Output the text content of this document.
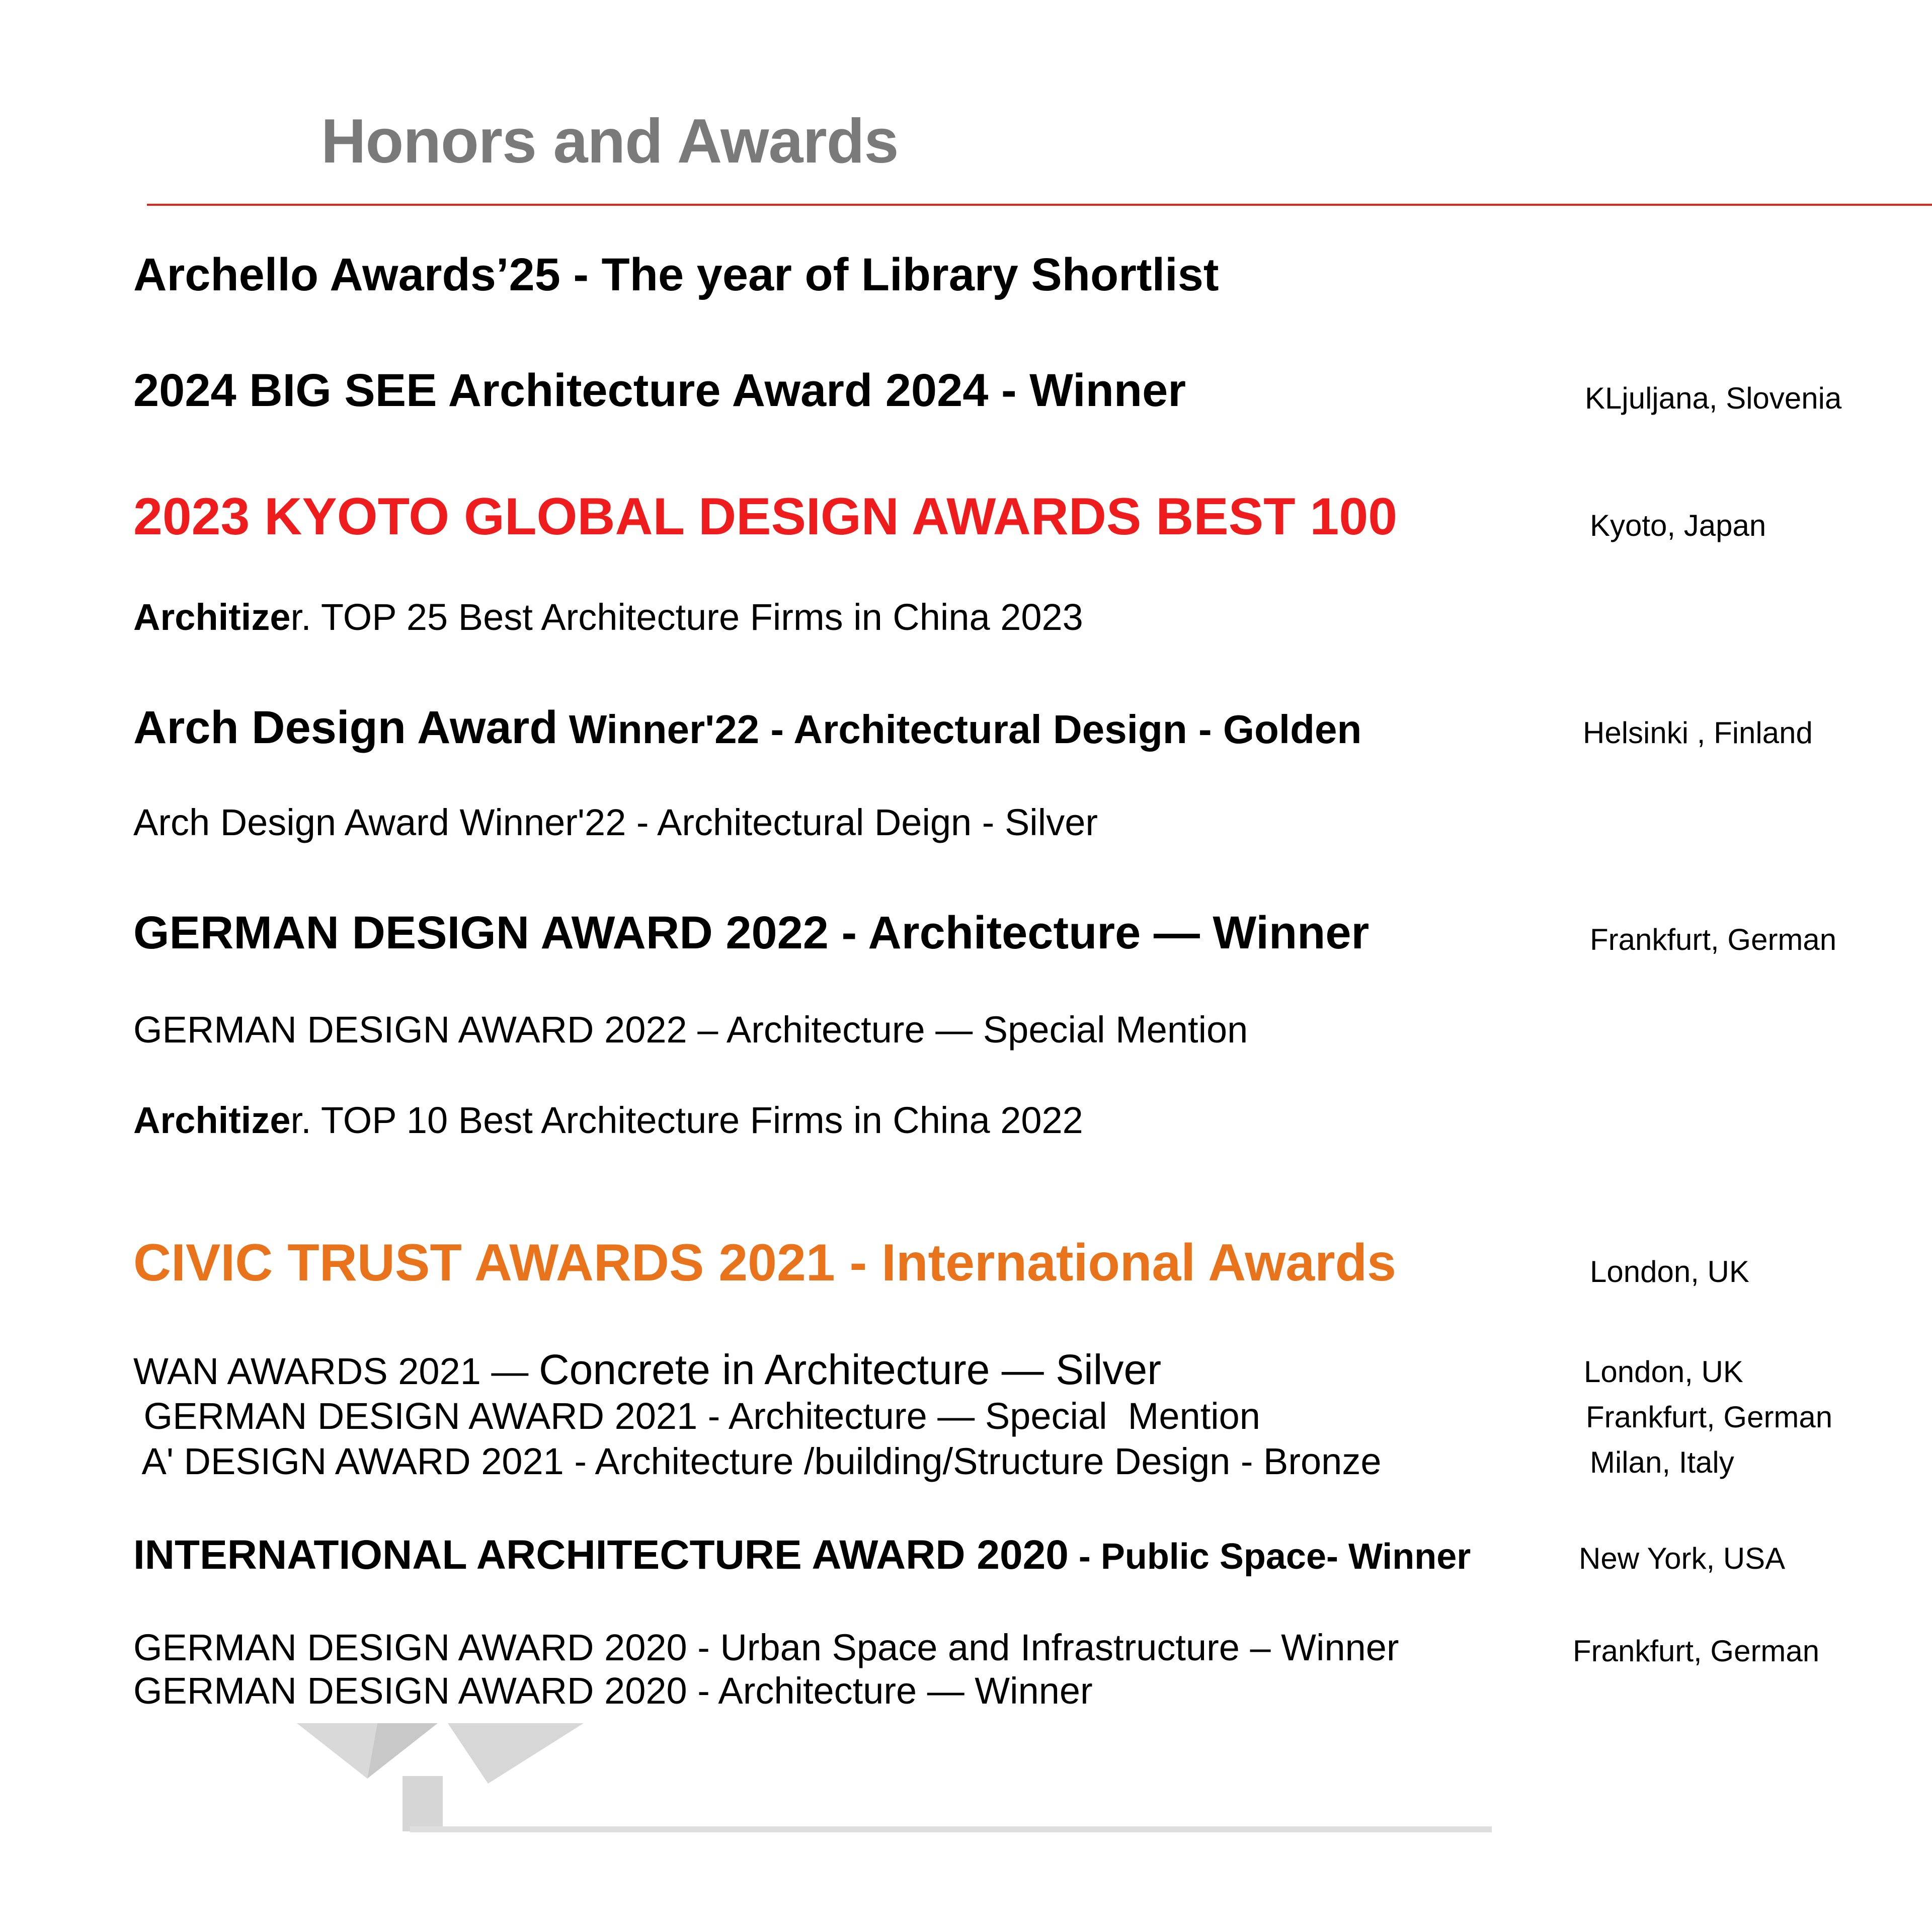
Honors and Awards
Archello Awards’25 - The year of Library Shortlist
2024 BIG SEE Architecture Award 2024 - Winner	KLjuljana, Slovenia
2023 KYOTO GLOBAL DESIGN AWARDS BEST 100	Kyoto, Japan
Architizer. TOP 25 Best Architecture Firms in China 2023
Arch Design Award Winner'22 - Architectural Design - Golden	Helsinki , Finland
Arch Design Award Winner'22 - Architectural Deign - Silver
GERMAN DESIGN AWARD 2022 - Architecture — Winner	Frankfurt, German
GERMAN DESIGN AWARD 2022 – Architecture — Special Mention
Architizer. TOP 10 Best Architecture Firms in China 2022
CIVIC TRUST AWARDS 2021 - International Awards	London, UK
WAN AWARDS 2021 — Concrete in Architecture — Silver	London, UK
GERMAN DESIGN AWARD 2021 - Architecture — Special  Mention	Frankfurt, German
A' DESIGN AWARD 2021 - Architecture /building/Structure Design - Bronze	Milan, Italy
INTERNATIONAL ARCHITECTURE AWARD 2020 - Public Space- Winner	New York, USA
GERMAN DESIGN AWARD 2020 - Urban Space and Infrastructure – Winner	Frankfurt, German
GERMAN DESIGN AWARD 2020 - Architecture — Winner
